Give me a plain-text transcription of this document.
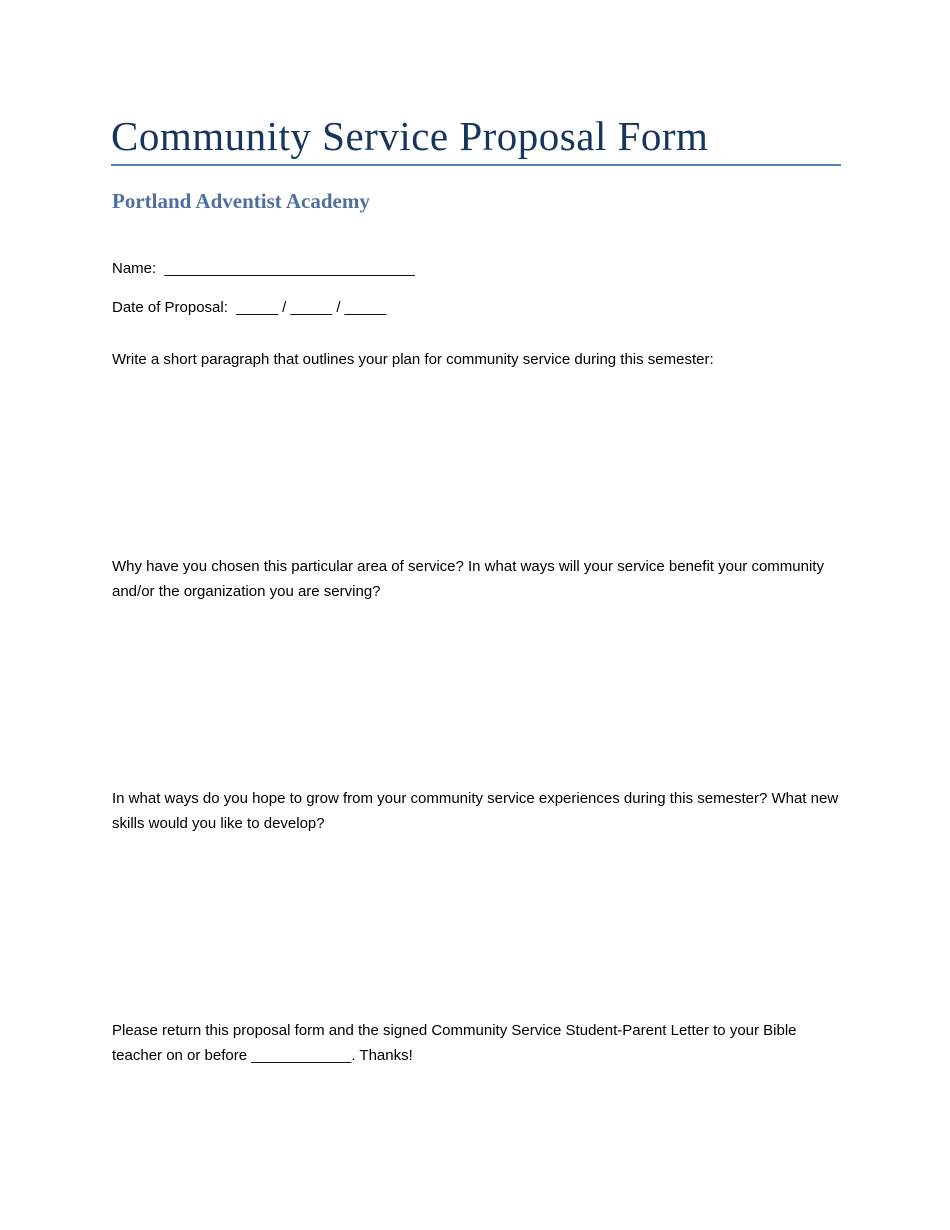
Community Service Proposal Form
Portland Adventist Academy

Name:  ______________________________

Date of Proposal:  _____ / _____ / _____

Write a short paragraph that outlines your plan for community service during this semester:

Why have you chosen this particular area of service? In what ways will your service benefit your community and/or the organization you are serving?

In what ways do you hope to grow from your community service experiences during this semester? What new skills would you like to develop?

Please return this proposal form and the signed Community Service Student-Parent Letter to your Bible teacher on or before ____________. Thanks!
